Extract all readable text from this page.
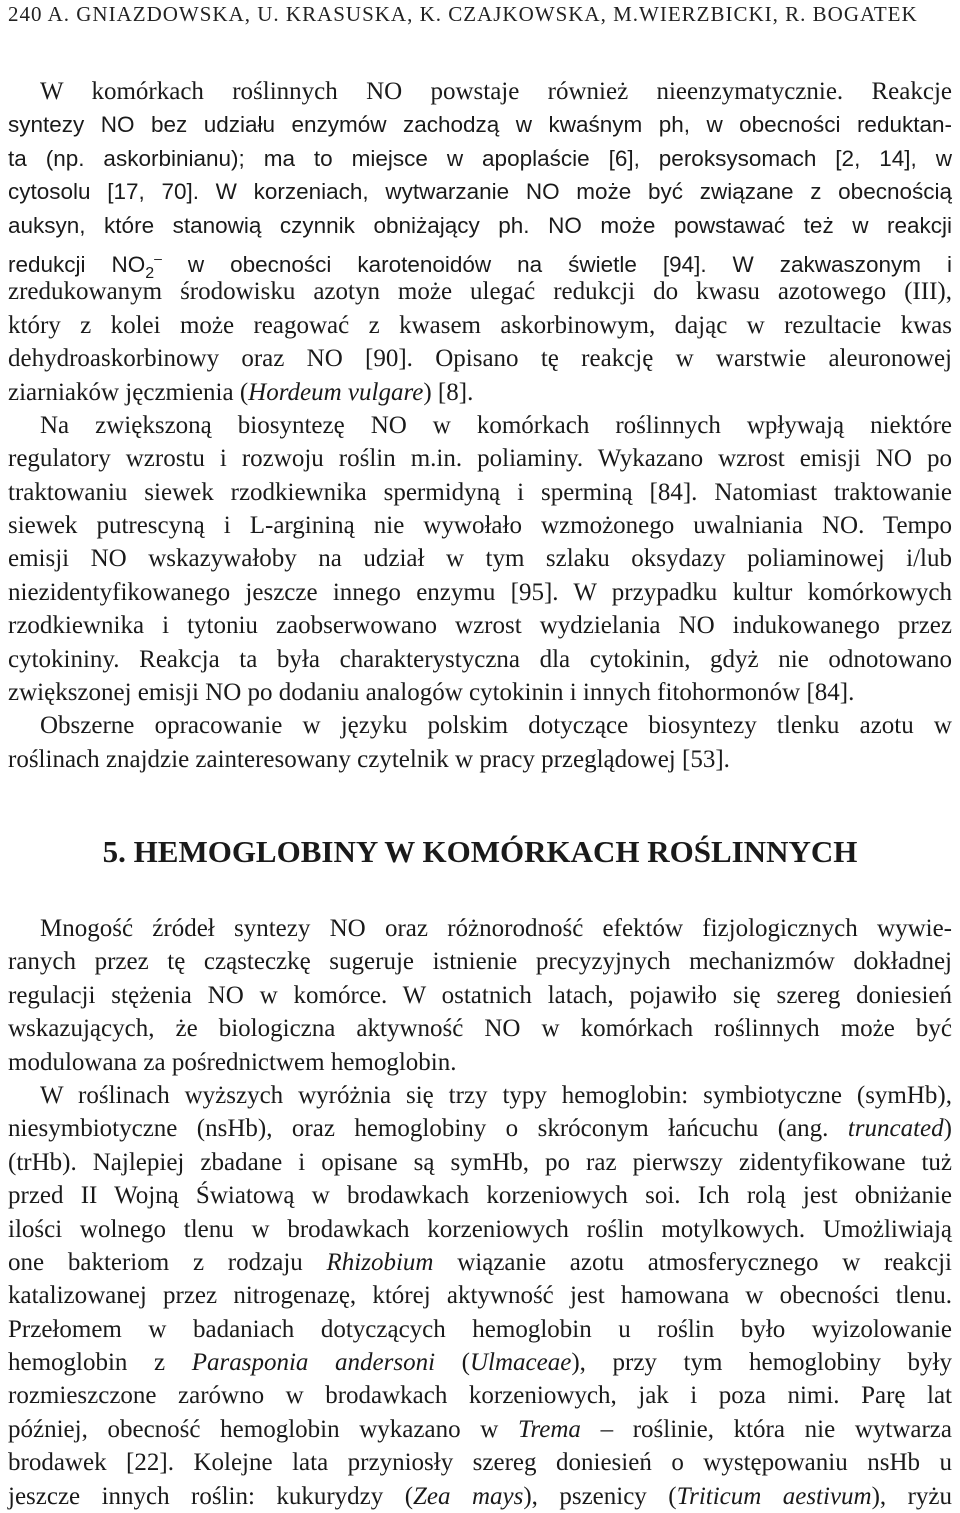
240 A. GNIAZDOWSKA, U. KRASUSKA, K. CZAJKOWSKA, M.WIERZBICKI, R. BOGATEK
W komórkach roślinnych NO powstaje również nieenzymatycznie. Reakcje
syntezy NO bez udziału enzymów zachodzą w kwaśnym ph, w obecności reduktan-
ta (np. askorbinianu); ma to miejsce w apoplaście [6], peroksysomach [2, 14], w
cytosolu [17, 70]. W korzeniach, wytwarzanie NO może być związane z obecnością
auksyn, które stanowią czynnik obniżający ph. NO może powstawać też w reakcji
redukcji $NO_2^-$ w obecności karotenoidów na świetle [94]. W zakwaszonym i
zredukowanym środowisku azotyn może ulegać redukcji do kwasu azotowego (III),
który z kolei może reagować z kwasem askorbinowym, dając w rezultacie kwas
dehydroaskorbinowy oraz NO [90]. Opisano tę reakcję w warstwie aleuronowej
ziarniaków jęczmienia (Hordeum vulgare) [8].
Na zwiększoną biosyntezę NO w komórkach roślinnych wpływają niektóre
regulatory wzrostu i rozwoju roślin m.in. poliaminy. Wykazano wzrost emisji NO po
traktowaniu siewek rzodkiewnika spermidyną i sperminą [84]. Natomiast traktowanie
siewek putrescyną i L-argininą nie wywołało wzmożonego uwalniania NO. Tempo
emisji NO wskazywałoby na udział w tym szlaku oksydazy poliaminowej i/lub
niezidentyfikowanego jeszcze innego enzymu [95]. W przypadku kultur komórkowych
rzodkiewnika i tytoniu zaobserwowano wzrost wydzielania NO indukowanego przez
cytokininy. Reakcja ta była charakterystyczna dla cytokinin, gdyż nie odnotowano
zwiększonej emisji NO po dodaniu analogów cytokinin i innych fitohormonów [84].
Obszerne opracowanie w języku polskim dotyczące biosyntezy tlenku azotu w
roślinach znajdzie zainteresowany czytelnik w pracy przeglądowej [53].
5. HEMOGLOBINY W KOMÓRKACH ROŚLINNYCH
Mnogość źródeł syntezy NO oraz różnorodność efektów fizjologicznych wywie-
ranych przez tę cząsteczkę sugeruje istnienie precyzyjnych mechanizmów dokładnej
regulacji stężenia NO w komórce. W ostatnich latach, pojawiło się szereg doniesień
wskazujących, że biologiczna aktywność NO w komórkach roślinnych może być
modulowana za pośrednictwem hemoglobin.
W roślinach wyższych wyróżnia się trzy typy hemoglobin: symbiotyczne (symHb),
niesymbiotyczne (nsHb), oraz hemoglobiny o skróconym łańcuchu (ang. truncated)
(trHb). Najlepiej zbadane i opisane są symHb, po raz pierwszy zidentyfikowane tuż
przed II Wojną Światową w brodawkach korzeniowych soi. Ich rolą jest obniżanie
ilości wolnego tlenu w brodawkach korzeniowych roślin motylkowych. Umożliwiają
one bakteriom z rodzaju Rhizobium wiązanie azotu atmosferycznego w reakcji
katalizowanej przez nitrogenazę, której aktywność jest hamowana w obecności tlenu.
Przełomem w badaniach dotyczących hemoglobin u roślin było wyizolowanie
hemoglobin z Parasponia andersoni (Ulmaceae), przy tym hemoglobiny były
rozmieszczone zarówno w brodawkach korzeniowych, jak i poza nimi. Parę lat
później, obecność hemoglobin wykazano w Trema – roślinie, która nie wytwarza
brodawek [22]. Kolejne lata przyniosły szereg doniesień o występowaniu nsHb u
jeszcze innych roślin: kukurydzy (Zea mays), pszenicy (Triticum aestivum), ryżu
